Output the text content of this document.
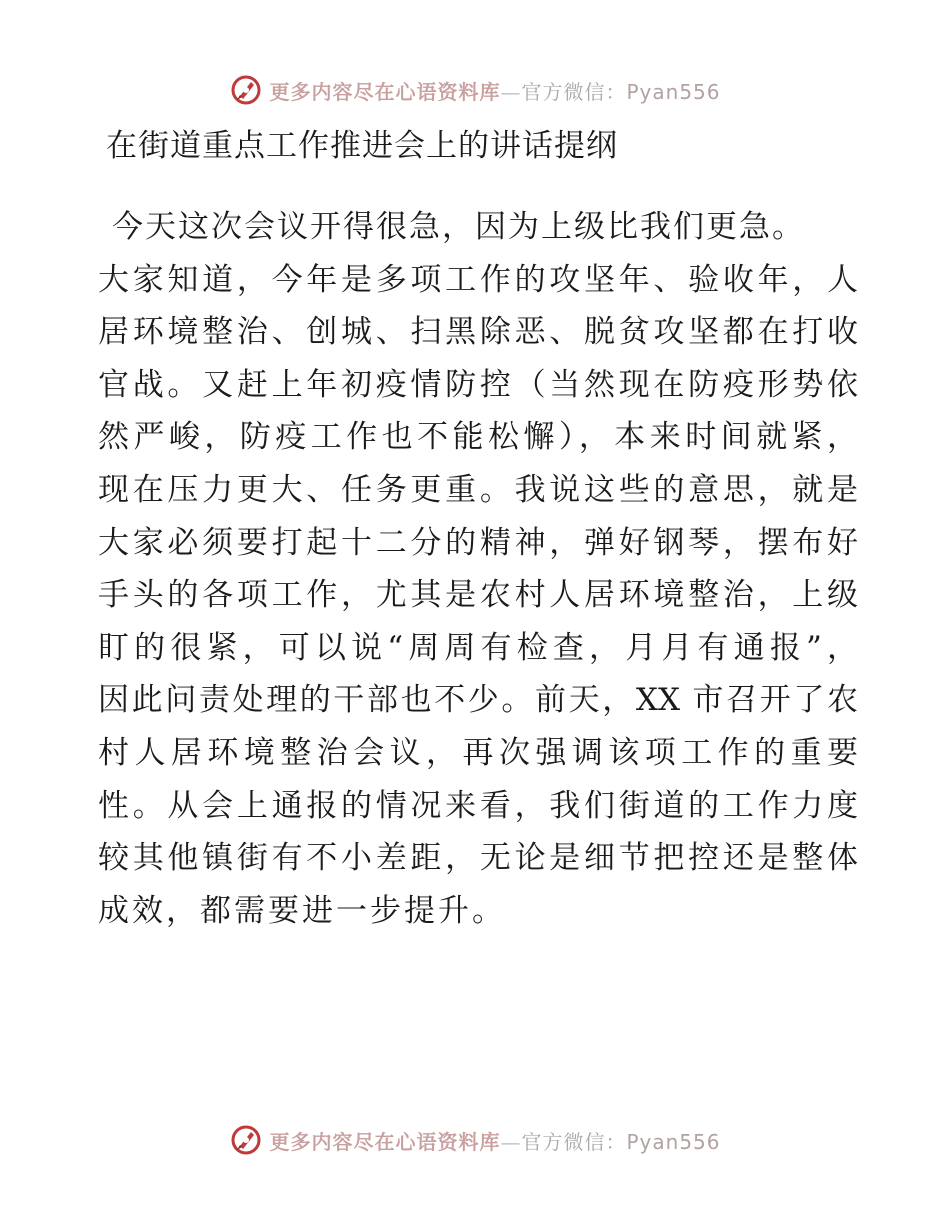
更多内容尽在心语资料库—官方微信：Pyan556
在街道重点工作推进会上的讲话提纲
今天这次会议开得很急，因为上级比我们更急。
大家知道，今年是多项工作的攻坚年、验收年，人
居环境整治、创城、扫黑除恶、脱贫攻坚都在打收
官战。又赶上年初疫情防控（当然现在防疫形势依
然严峻，防疫工作也不能松懈），本来时间就紧，
现在压力更大、任务更重。我说这些的意思，就是
大家必须要打起十二分的精神，弹好钢琴，摆布好
手头的各项工作，尤其是农村人居环境整治，上级
盯的很紧，可以说“周周有检查，月月有通报”，
因此问责处理的干部也不少。前天，XX 市召开了农
村人居环境整治会议，再次强调该项工作的重要
性。从会上通报的情况来看，我们街道的工作力度
较其他镇街有不小差距，无论是细节把控还是整体
成效，都需要进一步提升。
更多内容尽在心语资料库—官方微信：Pyan556
